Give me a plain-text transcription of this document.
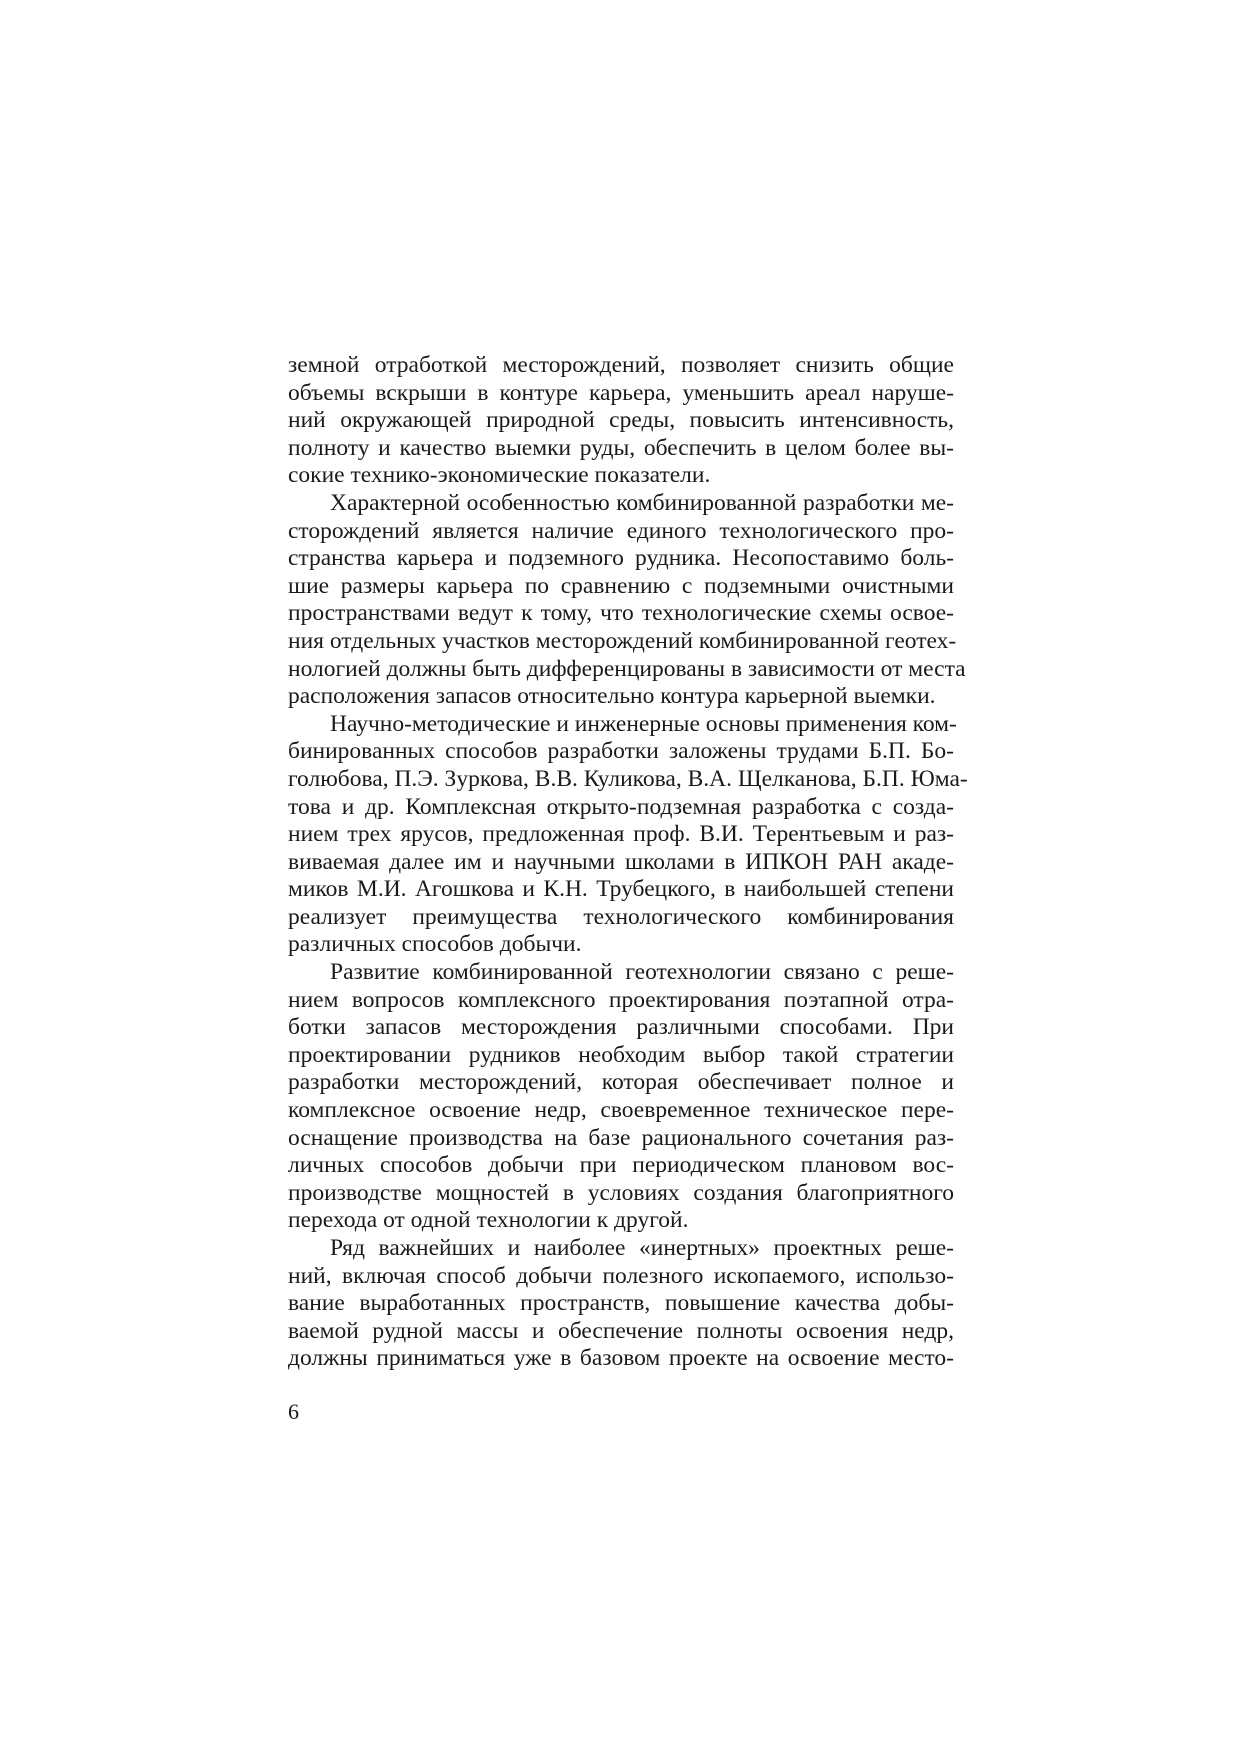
земной отработкой месторождений, позволяет снизить общие
объемы вскрыши в контуре карьера, уменьшить ареал наруше-
ний окружающей природной среды, повысить интенсивность,
полноту и качество выемки руды, обеспечить в целом более вы-
сокие технико-экономические показатели.
Характерной особенностью комбинированной разработки ме-
сторождений является наличие единого технологического про-
странства карьера и подземного рудника. Несопоставимо боль-
шие размеры карьера по сравнению с подземными очистными
пространствами ведут к тому, что технологические схемы освое-
ния отдельных участков месторождений комбинированной геотех-
нологией должны быть дифференцированы в зависимости от места
расположения запасов относительно контура карьерной выемки.
Научно-методические и инженерные основы применения ком-
бинированных способов разработки заложены трудами Б.П. Бо-
голюбова, П.Э. Зуркова, В.В. Куликова, В.А. Щелканова, Б.П. Юма-
това и др. Комплексная открыто-подземная разработка с созда-
нием трех ярусов, предложенная проф. В.И. Терентьевым и раз-
виваемая далее им и научными школами в ИПКОН РАН акаде-
миков М.И. Агошкова и К.Н. Трубецкого, в наибольшей степени
реализует преимущества технологического комбинирования
различных способов добычи.
Развитие комбинированной геотехнологии связано с реше-
нием вопросов комплексного проектирования поэтапной отра-
ботки запасов месторождения различными способами. При
проектировании рудников необходим выбор такой стратегии
разработки месторождений, которая обеспечивает полное и
комплексное освоение недр, своевременное техническое пере-
оснащение производства на базе рационального сочетания раз-
личных способов добычи при периодическом плановом вос-
производстве мощностей в условиях создания благоприятного
перехода от одной технологии к другой.
Ряд важнейших и наиболее «инертных» проектных реше-
ний, включая способ добычи полезного ископаемого, использо-
вание выработанных пространств, повышение качества добы-
ваемой рудной массы и обеспечение полноты освоения недр,
должны приниматься уже в базовом проекте на освоение место-
6
